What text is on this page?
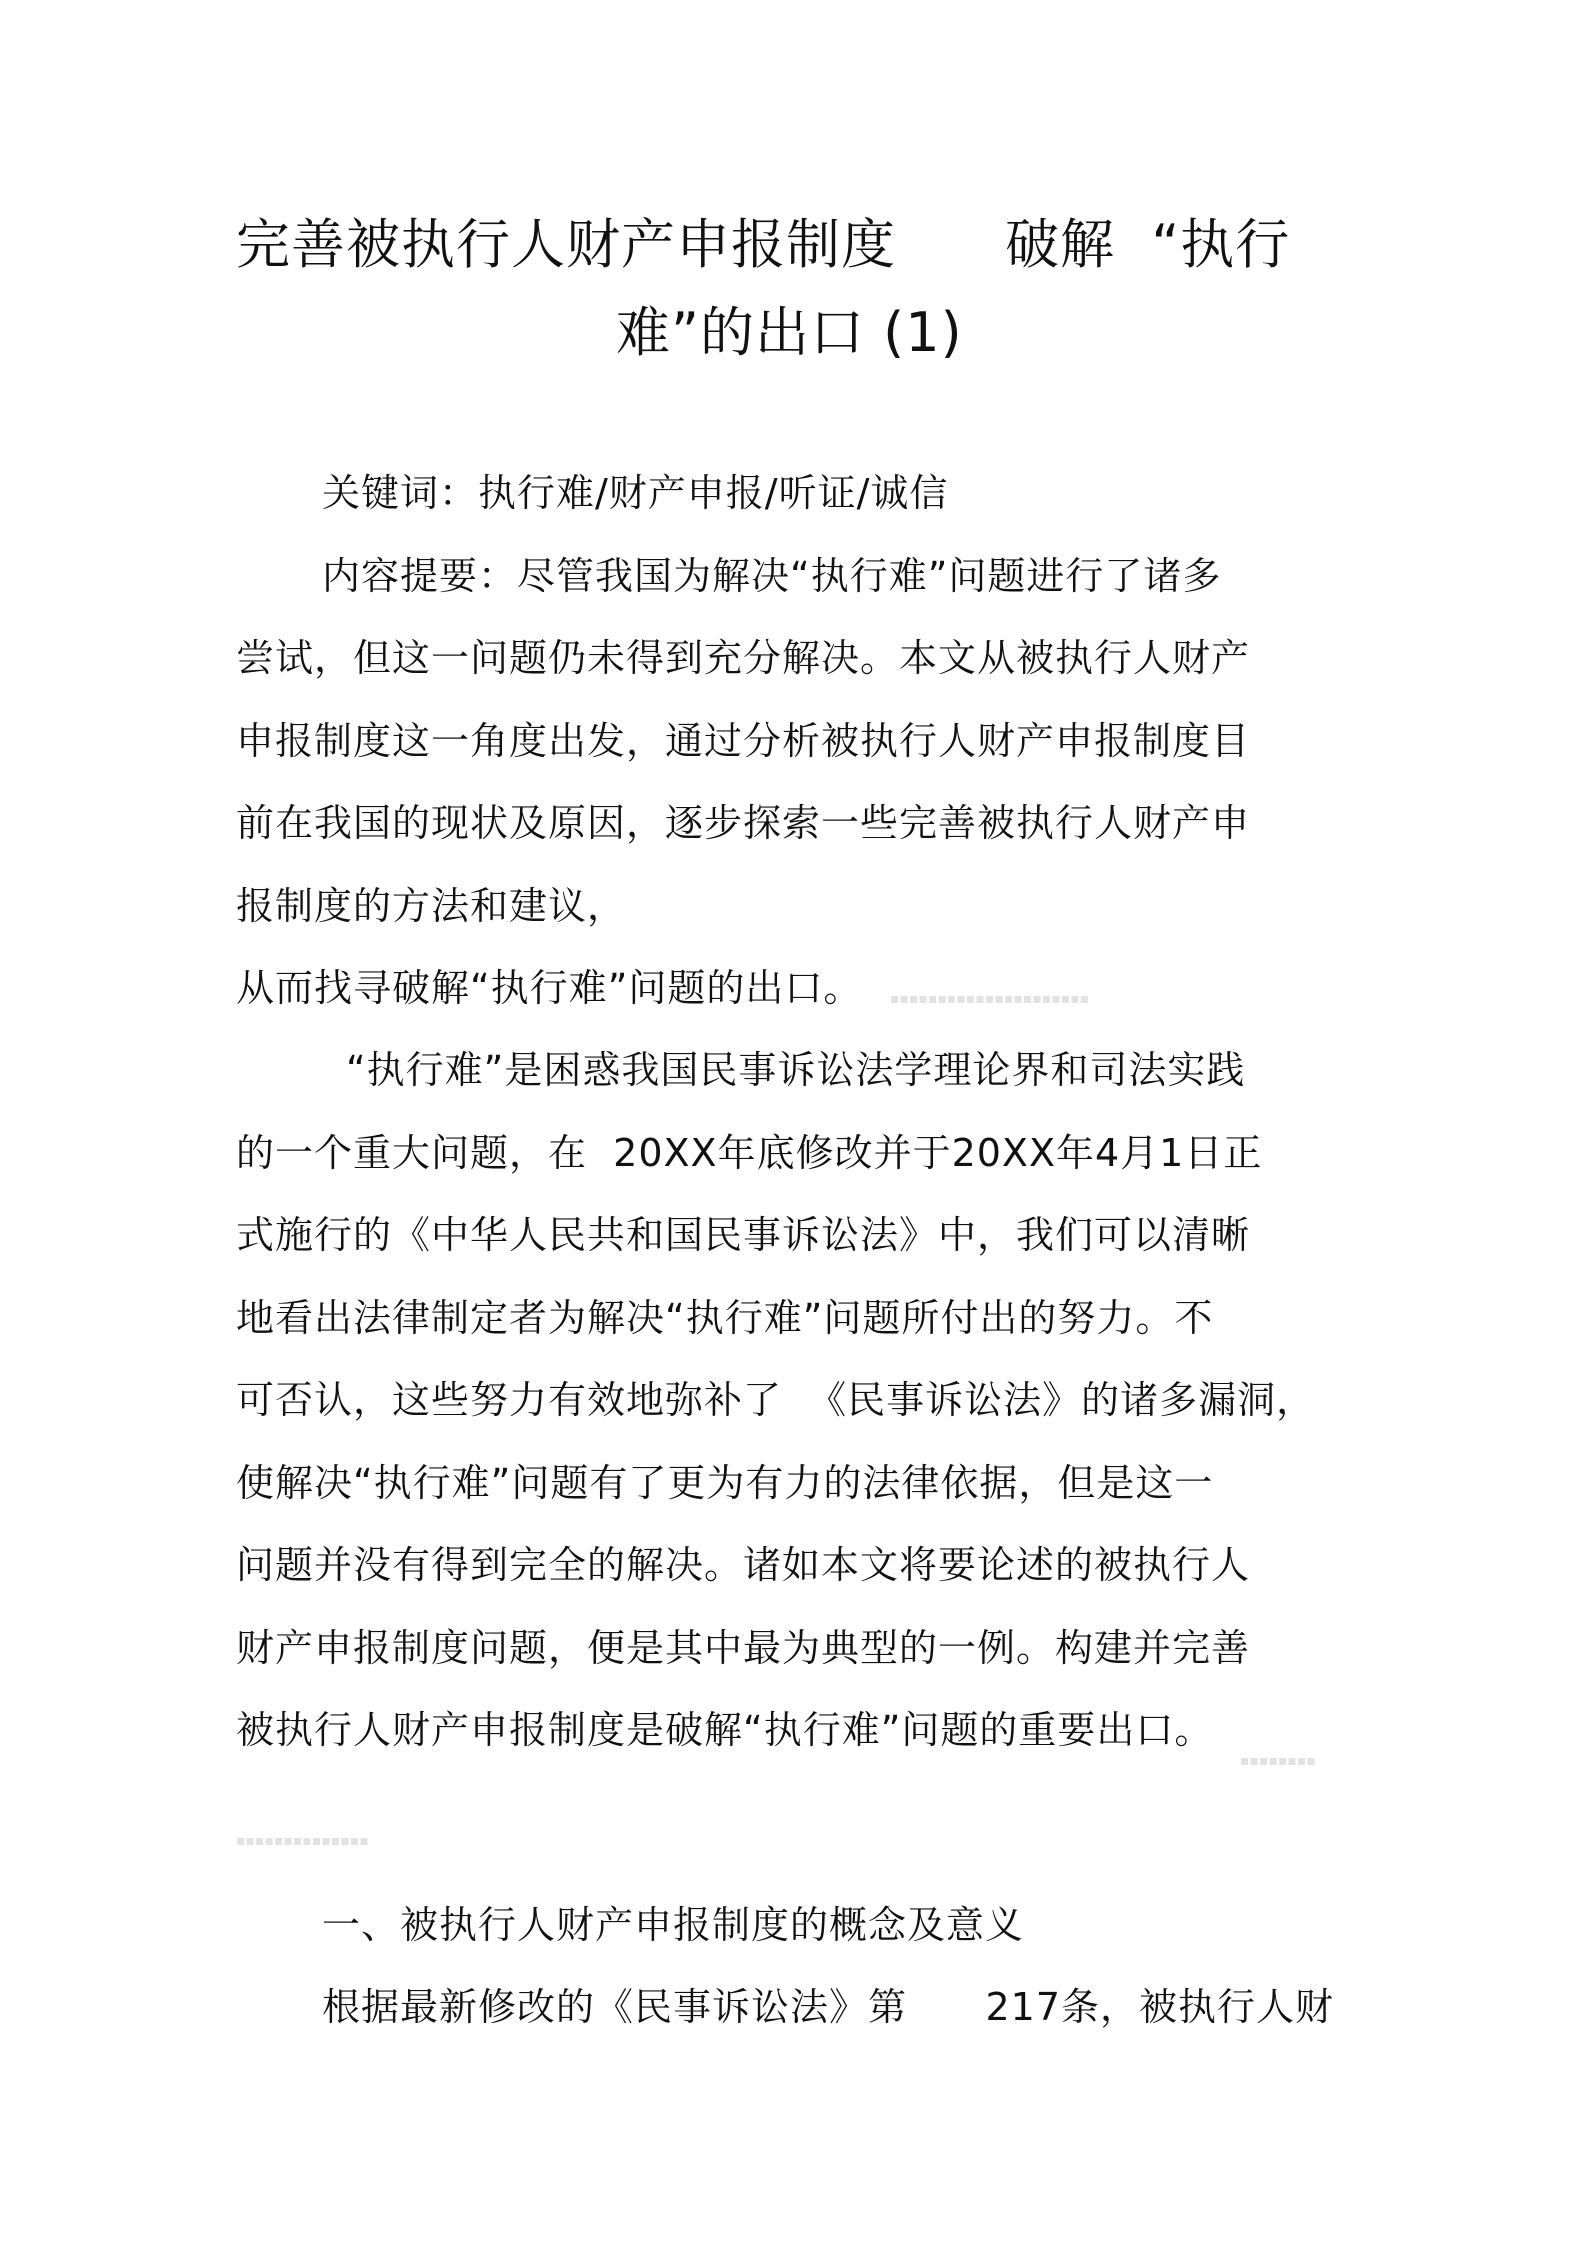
完善被执行人财产申报制度      破解  “执行
难”的出口 (1)
关键词：执行难/财产申报/听证/诚信
内容提要：尽管我国为解决“执行难”问题进行了诸多
尝试，但这一问题仍未得到充分解决。本文从被执行人财产
申报制度这一角度出发，通过分析被执行人财产申报制度目
前在我国的现状及原因，逐步探索一些完善被执行人财产申
报制度的方法和建议，
从而找寻破解“执行难”问题的出口。 ▪▪▪▪▪▪▪▪▪▪▪▪▪▪▪▪▪▪▪▪▪
“执行难”是困惑我国民事诉讼法学理论界和司法实践
的一个重大问题，在  20XX年底修改并于20XX年4月1日正
式施行的《中华人民共和国民事诉讼法》中，我们可以清晰
地看出法律制定者为解决“执行难”问题所付出的努力。不
可否认，这些努力有效地弥补了  《民事诉讼法》的诸多漏洞，
使解决“执行难”问题有了更为有力的法律依据，但是这一
问题并没有得到完全的解决。诸如本文将要论述的被执行人
财产申报制度问题，便是其中最为典型的一例。构建并完善
被执行人财产申报制度是破解“执行难”问题的重要出口。
▪▪▪▪▪▪▪▪
▪▪▪▪▪▪▪▪▪▪▪▪▪▪
一、被执行人财产申报制度的概念及意义
根据最新修改的《民事诉讼法》第      217条，被执行人财
